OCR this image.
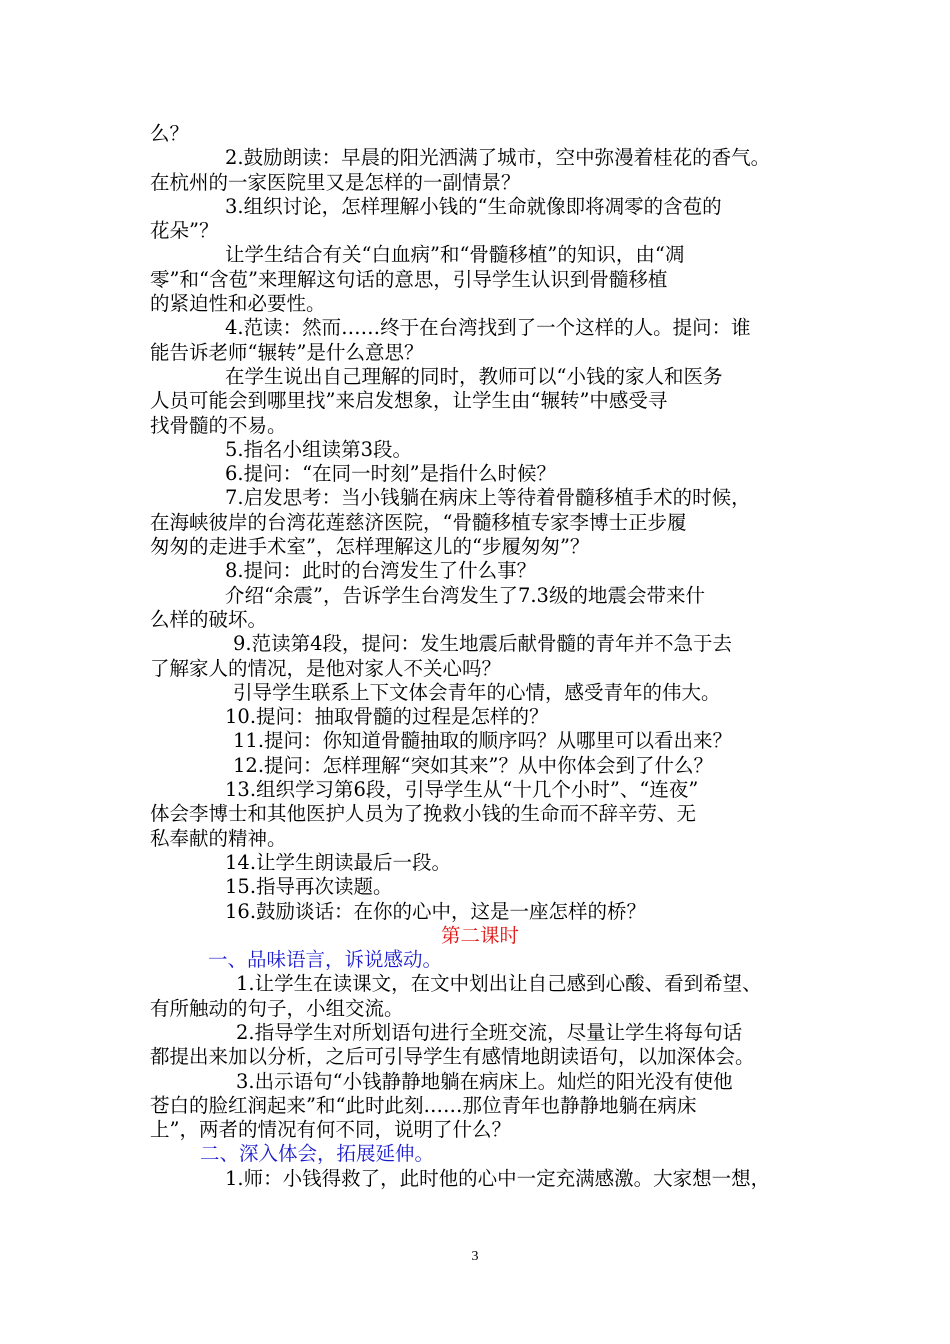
么？

2.鼓励朗读：早晨的阳光洒满了城市，空中弥漫着桂花的香气。

在杭州的一家医院里又是怎样的一副情景？

3.组织讨论，怎样理解小钱的“生命就像即将凋零的含苞的

花朵”？

让学生结合有关“白血病”和“骨髓移植”的知识，由“凋

零”和“含苞”来理解这句话的意思，引导学生认识到骨髓移植

的紧迫性和必要性。

4.范读：然而……终于在台湾找到了一个这样的人。提问：谁

能告诉老师“辗转”是什么意思？

在学生说出自己理解的同时，教师可以“小钱的家人和医务

人员可能会到哪里找”来启发想象，让学生由“辗转”中感受寻

找骨髓的不易。

5.指名小组读第3段。

6.提问：“在同一时刻”是指什么时候？

7.启发思考：当小钱躺在病床上等待着骨髓移植手术的时候，

在海峡彼岸的台湾花莲慈济医院，“骨髓移植专家李博士正步履

匆匆的走进手术室”，怎样理解这儿的“步履匆匆”？

8.提问：此时的台湾发生了什么事？

介绍“余震”，告诉学生台湾发生了7.3级的地震会带来什

么样的破坏。

9.范读第4段，提问：发生地震后献骨髓的青年并不急于去

了解家人的情况，是他对家人不关心吗？

引导学生联系上下文体会青年的心情，感受青年的伟大。

10.提问：抽取骨髓的过程是怎样的？

11.提问：你知道骨髓抽取的顺序吗？从哪里可以看出来？

12.提问：怎样理解“突如其来”？从中你体会到了什么？

13.组织学习第6段，引导学生从“十几个小时”、“连夜”

体会李博士和其他医护人员为了挽救小钱的生命而不辞辛劳、无

私奉献的精神。

14.让学生朗读最后一段。

15.指导再次读题。

16.鼓励谈话：在你的心中，这是一座怎样的桥？

第二课时

一、品味语言，诉说感动。

1.让学生在读课文，在文中划出让自己感到心酸、看到希望、

有所触动的句子，小组交流。

2.指导学生对所划语句进行全班交流，尽量让学生将每句话

都提出来加以分析，之后可引导学生有感情地朗读语句，以加深体会。

3.出示语句“小钱静静地躺在病床上。灿烂的阳光没有使他

苍白的脸红润起来”和“此时此刻……那位青年也静静地躺在病床

上”，两者的情况有何不同，说明了什么？

二、深入体会，拓展延伸。

1.师：小钱得救了，此时他的心中一定充满感激。大家想一想，

3
